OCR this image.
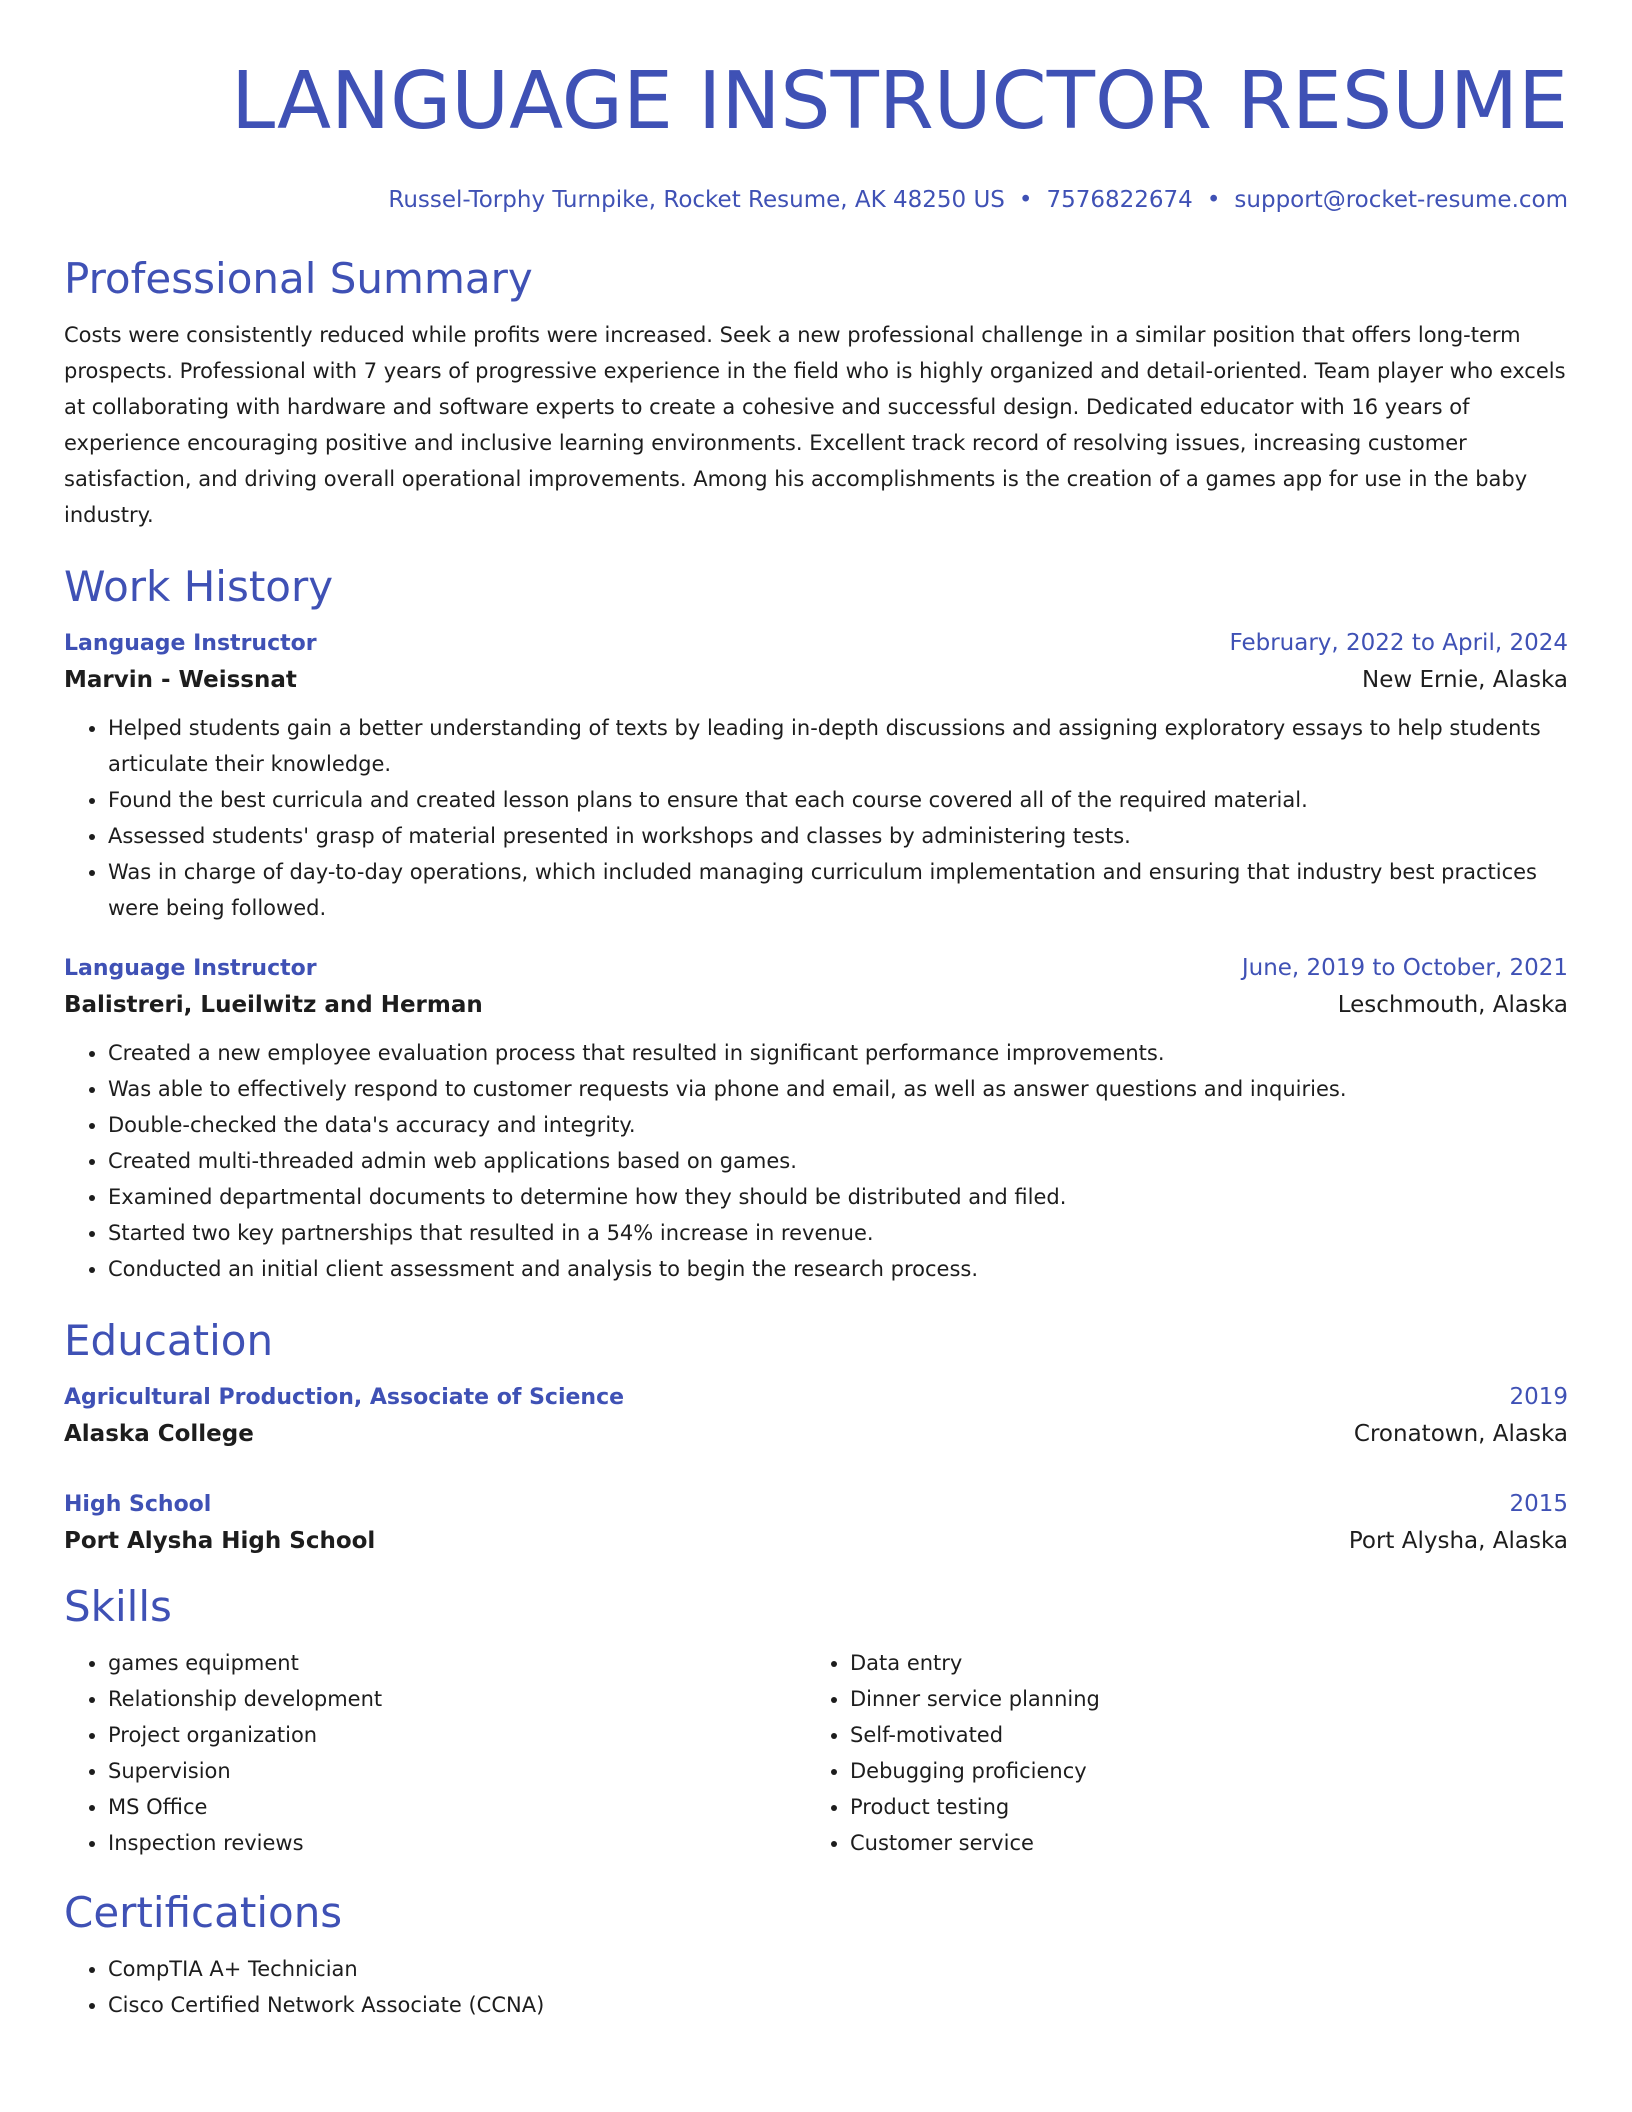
LANGUAGE INSTRUCTOR RESUME
Russel-Torphy Turnpike, Rocket Resume, AK 48250 US • 7576822674 • support@rocket-resume.com
Professional Summary
Costs were consistently reduced while profits were increased. Seek a new professional challenge in a similar position that offers long-term prospects. Professional with 7 years of progressive experience in the field who is highly organized and detail-oriented. Team player who excels at collaborating with hardware and software experts to create a cohesive and successful design. Dedicated educator with 16 years of experience encouraging positive and inclusive learning environments. Excellent track record of resolving issues, increasing customer satisfaction, and driving overall operational improvements. Among his accomplishments is the creation of a games app for use in the baby industry.
Work History
Language Instructor	February, 2022 to April, 2024
Marvin - Weissnat	New Ernie, Alaska
• Helped students gain a better understanding of texts by leading in-depth discussions and assigning exploratory essays to help students articulate their knowledge.
• Found the best curricula and created lesson plans to ensure that each course covered all of the required material.
• Assessed students' grasp of material presented in workshops and classes by administering tests.
• Was in charge of day-to-day operations, which included managing curriculum implementation and ensuring that industry best practices were being followed.
Language Instructor	June, 2019 to October, 2021
Balistreri, Lueilwitz and Herman	Leschmouth, Alaska
• Created a new employee evaluation process that resulted in significant performance improvements.
• Was able to effectively respond to customer requests via phone and email, as well as answer questions and inquiries.
• Double-checked the data's accuracy and integrity.
• Created multi-threaded admin web applications based on games.
• Examined departmental documents to determine how they should be distributed and filed.
• Started two key partnerships that resulted in a 54% increase in revenue.
• Conducted an initial client assessment and analysis to begin the research process.
Education
Agricultural Production, Associate of Science	2019
Alaska College	Cronatown, Alaska
High School	2015
Port Alysha High School	Port Alysha, Alaska
Skills
• games equipment
• Relationship development
• Project organization
• Supervision
• MS Office
• Inspection reviews
• Data entry
• Dinner service planning
• Self-motivated
• Debugging proficiency
• Product testing
• Customer service
Certifications
• CompTIA A+ Technician
• Cisco Certified Network Associate (CCNA)
